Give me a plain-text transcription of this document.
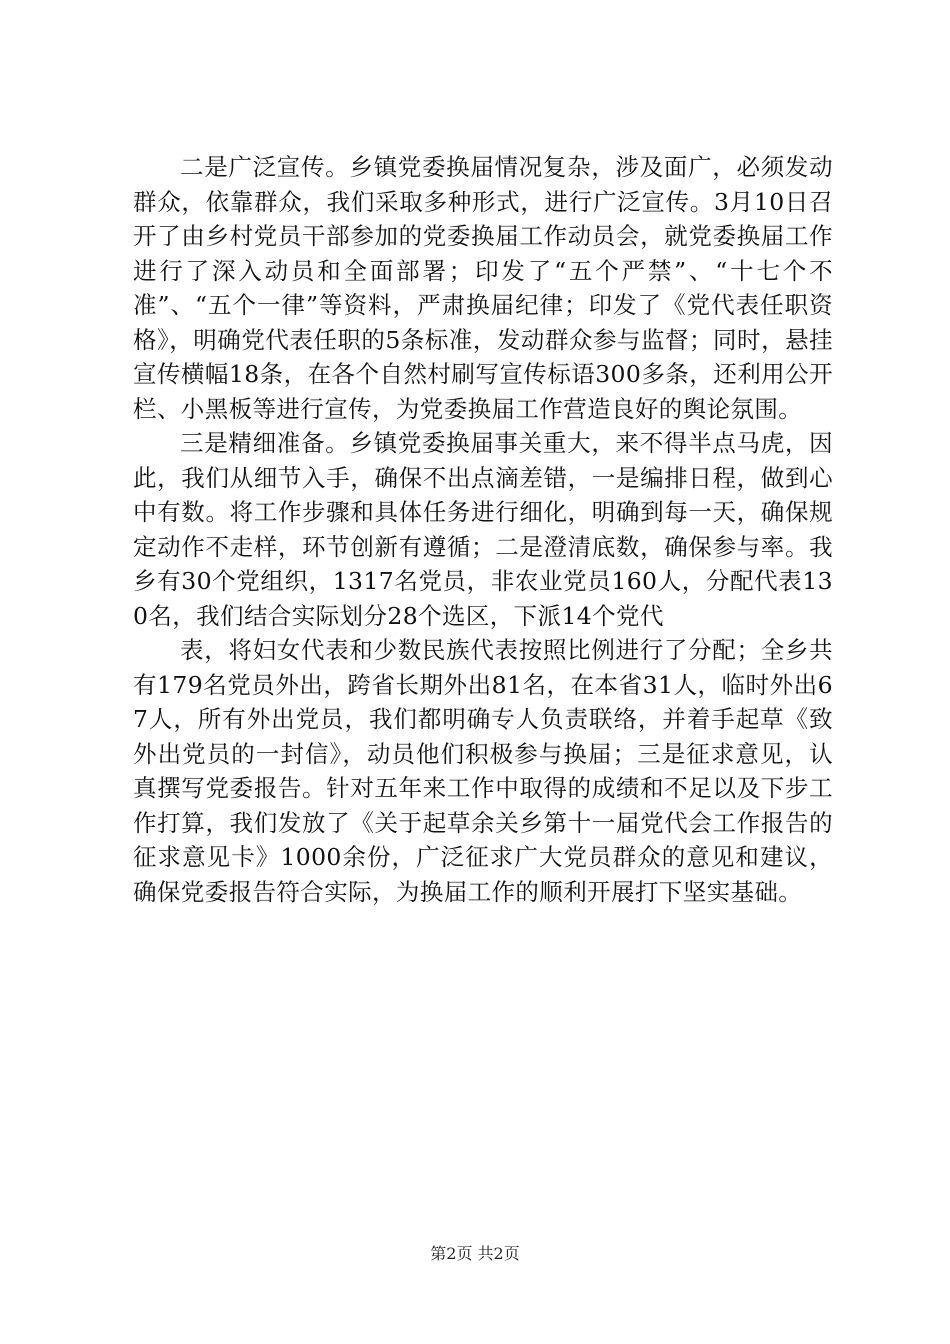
二是广泛宣传。乡镇党委换届情况复杂，涉及面广，必须发动群众，依靠群众，我们采取多种形式，进行广泛宣传。3月10日召开了由乡村党员干部参加的党委换届工作动员会，就党委换届工作进行了深入动员和全面部署；印发了“五个严禁”、“十七个不准”、“五个一律”等资料，严肃换届纪律；印发了《党代表任职资格》，明确党代表任职的5条标准，发动群众参与监督；同时，悬挂宣传横幅18条，在各个自然村刷写宣传标语300多条，还利用公开栏、小黑板等进行宣传，为党委换届工作营造良好的舆论氛围。

三是精细准备。乡镇党委换届事关重大，来不得半点马虎，因此，我们从细节入手，确保不出点滴差错，一是编排日程，做到心中有数。将工作步骤和具体任务进行细化，明确到每一天，确保规定动作不走样，环节创新有遵循；二是澄清底数，确保参与率。我乡有30个党组织，1317名党员，非农业党员160人，分配代表130名，我们结合实际划分28个选区，下派14个党代

表，将妇女代表和少数民族代表按照比例进行了分配；全乡共有179名党员外出，跨省长期外出81名，在本省31人，临时外出67人，所有外出党员，我们都明确专人负责联络，并着手起草《致外出党员的一封信》，动员他们积极参与换届；三是征求意见，认真撰写党委报告。针对五年来工作中取得的成绩和不足以及下步工作打算，我们发放了《关于起草余关乡第十一届党代会工作报告的征求意见卡》1000余份，广泛征求广大党员群众的意见和建议，确保党委报告符合实际，为换届工作的顺利开展打下坚实基础。

第2页 共2页
